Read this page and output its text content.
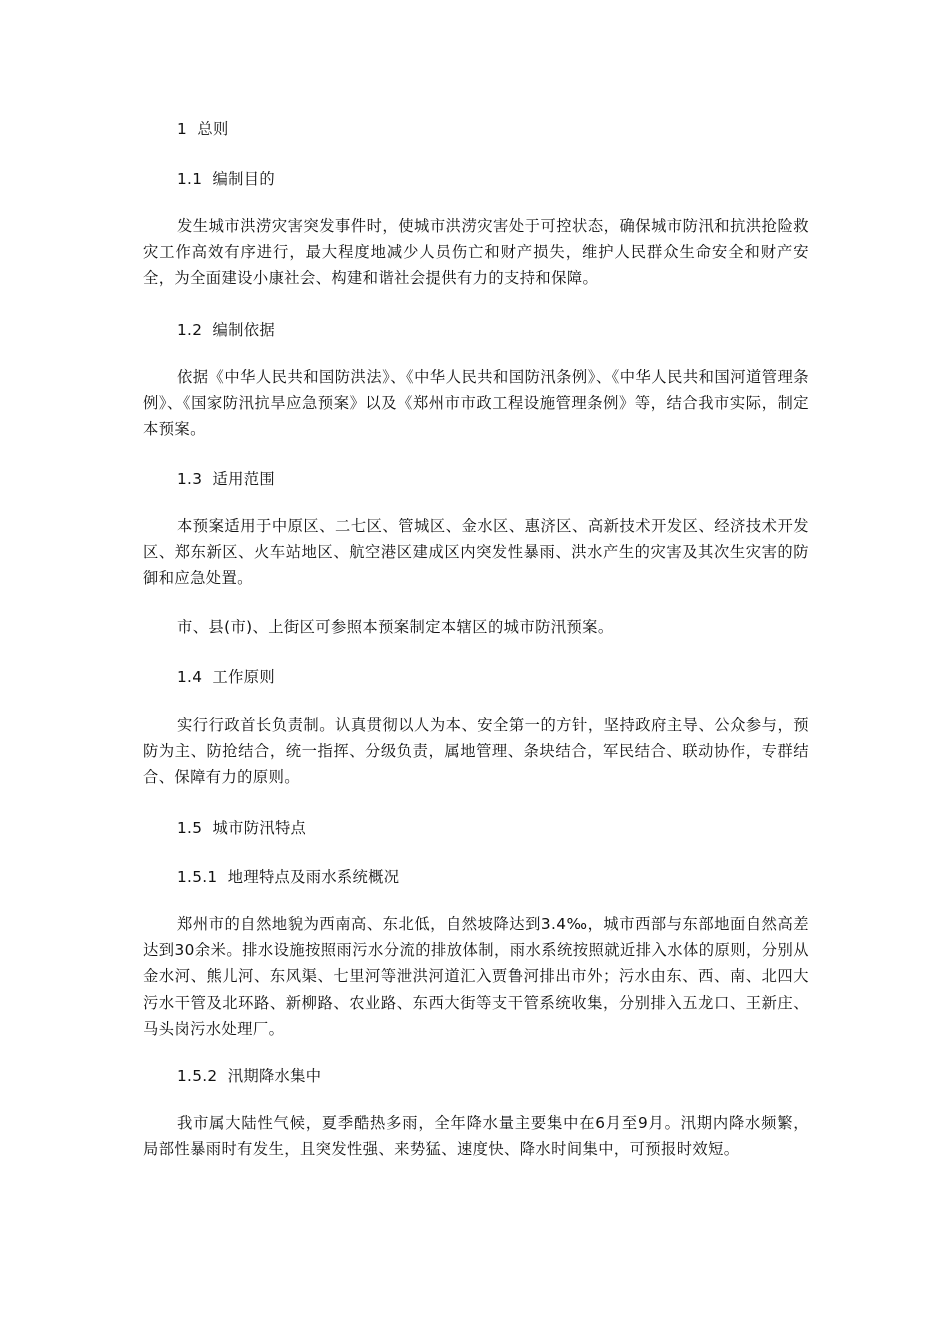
1  总则
1.1  编制目的

发生城市洪涝灾害突发事件时，使城市洪涝灾害处于可控状态，确保城市防汛和抗洪抢险救灾工作高效有序进行，最大程度地减少人员伤亡和财产损失，维护人民群众生命安全和财产安全，为全面建设小康社会、构建和谐社会提供有力的支持和保障。

1.2  编制依据

依据《中华人民共和国防洪法》、《中华人民共和国防汛条例》、《中华人民共和国河道管理条例》、《国家防汛抗旱应急预案》以及《郑州市市政工程设施管理条例》等，结合我市实际，制定本预案。

1.3  适用范围

本预案适用于中原区、二七区、管城区、金水区、惠济区、高新技术开发区、经济技术开发区、郑东新区、火车站地区、航空港区建成区内突发性暴雨、洪水产生的灾害及其次生灾害的防御和应急处置。

市、县(市)、上街区可参照本预案制定本辖区的城市防汛预案。

1.4  工作原则

实行行政首长负责制。认真贯彻以人为本、安全第一的方针，坚持政府主导、公众参与，预防为主、防抢结合，统一指挥、分级负责，属地管理、条块结合，军民结合、联动协作，专群结合、保障有力的原则。

1.5  城市防汛特点
1.5.1  地理特点及雨水系统概况

郑州市的自然地貌为西南高、东北低，自然坡降达到3.4‰，城市西部与东部地面自然高差达到30余米。排水设施按照雨污水分流的排放体制，雨水系统按照就近排入水体的原则，分别从金水河、熊儿河、东风渠、七里河等泄洪河道汇入贾鲁河排出市外；污水由东、西、南、北四大污水干管及北环路、新柳路、农业路、东西大街等支干管系统收集，分别排入五龙口、王新庄、马头岗污水处理厂。

1.5.2  汛期降水集中

我市属大陆性气候，夏季酷热多雨，全年降水量主要集中在6月至9月。汛期内降水频繁，局部性暴雨时有发生，且突发性强、来势猛、速度快、降水时间集中，可预报时效短。
